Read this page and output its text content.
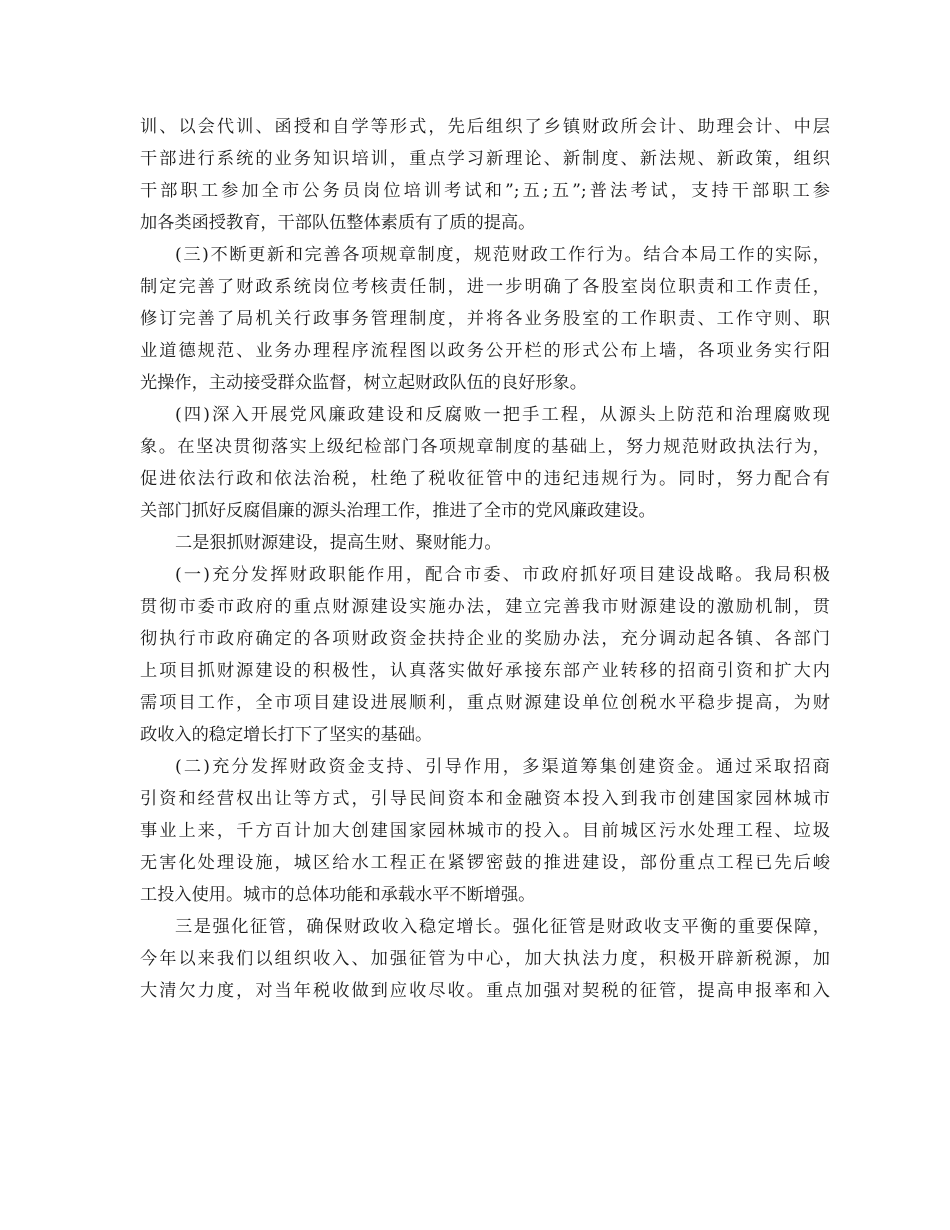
训、以会代训、函授和自学等形式，先后组织了乡镇财政所会计、助理会计、中层
干部进行系统的业务知识培训，重点学习新理论、新制度、新法规、新政策，组织
干部职工参加全市公务员岗位培训考试和”;五;五”;普法考试，支持干部职工参
加各类函授教育，干部队伍整体素质有了质的提高。
(三)不断更新和完善各项规章制度，规范财政工作行为。结合本局工作的实际，
制定完善了财政系统岗位考核责任制，进一步明确了各股室岗位职责和工作责任，
修订完善了局机关行政事务管理制度，并将各业务股室的工作职责、工作守则、职
业道德规范、业务办理程序流程图以政务公开栏的形式公布上墙，各项业务实行阳
光操作，主动接受群众监督，树立起财政队伍的良好形象。
(四)深入开展党风廉政建设和反腐败一把手工程，从源头上防范和治理腐败现
象。在坚决贯彻落实上级纪检部门各项规章制度的基础上，努力规范财政执法行为，
促进依法行政和依法治税，杜绝了税收征管中的违纪违规行为。同时，努力配合有
关部门抓好反腐倡廉的源头治理工作，推进了全市的党风廉政建设。
二是狠抓财源建设，提高生财、聚财能力。
(一)充分发挥财政职能作用，配合市委、市政府抓好项目建设战略。我局积极
贯彻市委市政府的重点财源建设实施办法，建立完善我市财源建设的激励机制，贯
彻执行市政府确定的各项财政资金扶持企业的奖励办法，充分调动起各镇、各部门
上项目抓财源建设的积极性，认真落实做好承接东部产业转移的招商引资和扩大内
需项目工作，全市项目建设进展顺利，重点财源建设单位创税水平稳步提高，为财
政收入的稳定增长打下了坚实的基础。
(二)充分发挥财政资金支持、引导作用，多渠道筹集创建资金。通过采取招商
引资和经营权出让等方式，引导民间资本和金融资本投入到我市创建国家园林城市
事业上来，千方百计加大创建国家园林城市的投入。目前城区污水处理工程、垃圾
无害化处理设施，城区给水工程正在紧锣密鼓的推进建设，部份重点工程已先后峻
工投入使用。城市的总体功能和承载水平不断增强。
三是强化征管，确保财政收入稳定增长。强化征管是财政收支平衡的重要保障，
今年以来我们以组织收入、加强征管为中心，加大执法力度，积极开辟新税源，加
大清欠力度，对当年税收做到应收尽收。重点加强对契税的征管，提高申报率和入
